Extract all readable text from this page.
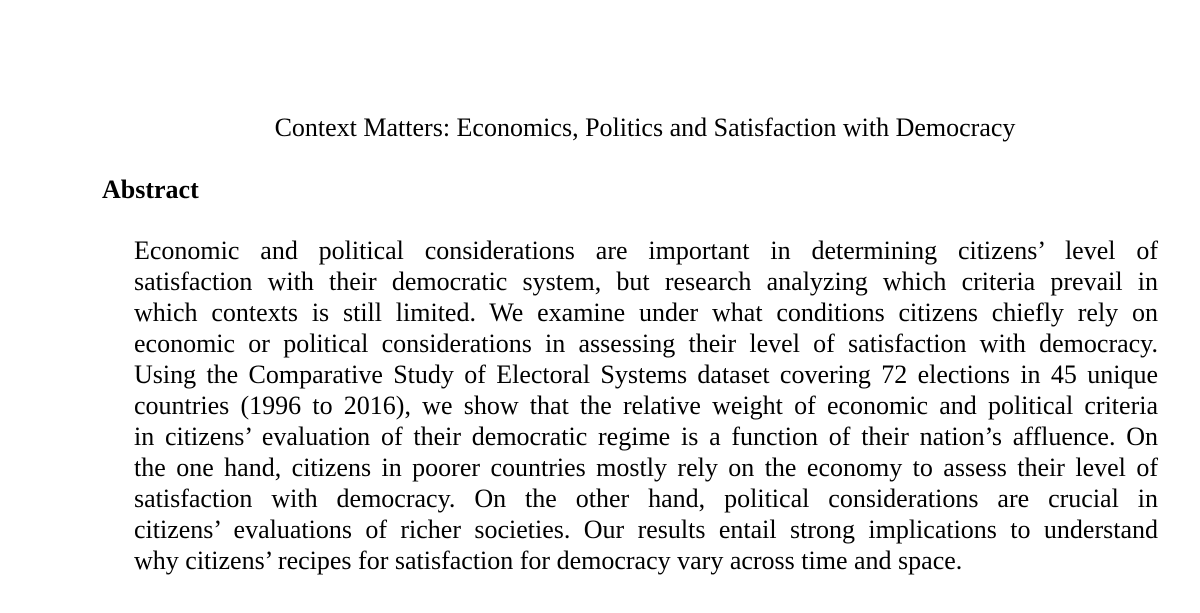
Context Matters: Economics, Politics and Satisfaction with Democracy
Abstract
Economic and political considerations are important in determining citizens’ level of
satisfaction with their democratic system, but research analyzing which criteria prevail in
which contexts is still limited. We examine under what conditions citizens chiefly rely on
economic or political considerations in assessing their level of satisfaction with democracy.
Using the Comparative Study of Electoral Systems dataset covering 72 elections in 45 unique
countries (1996 to 2016), we show that the relative weight of economic and political criteria
in citizens’ evaluation of their democratic regime is a function of their nation’s affluence. On
the one hand, citizens in poorer countries mostly rely on the economy to assess their level of
satisfaction with democracy. On the other hand, political considerations are crucial in
citizens’ evaluations of richer societies. Our results entail strong implications to understand
why citizens’ recipes for satisfaction for democracy vary across time and space.
